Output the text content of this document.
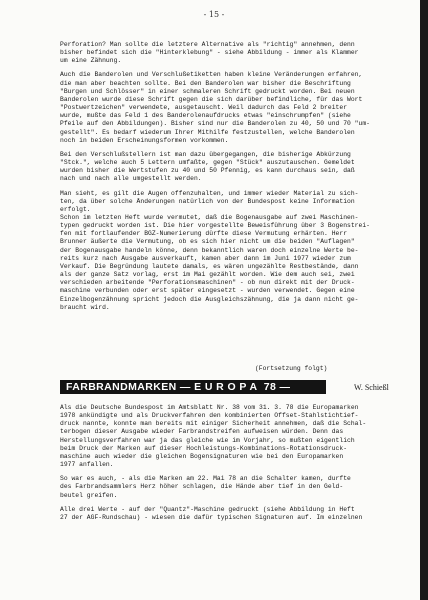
- 15 -
Perforation? Man sollte die letztere Alternative als "richtig" annehmen, denn
bisher befindet sich die "Hinterklebung" - siehe Abbildung - immer als Klammer
um eine Zähnung.
Auch die Banderolen und Verschlußetiketten haben kleine Veränderungen erfahren,
die man aber beachten sollte. Bei den Banderolen war bisher die Beschriftung
"Burgen und Schlösser" in einer schmaleren Schrift gedruckt worden. Bei neuen
Banderolen wurde diese Schrift gegen die sich darüber befindliche, für das Wort
"Postwertzeichen" verwendete, ausgetauscht. Weil dadurch das Feld 2 breiter
wurde, mußte das Feld 1 des Banderolenaufdrucks etwas "einschrumpfen" (siehe
Pfeile auf den Abbildungen). Bisher sind nur die Banderolen zu 40, 50 und 70 "um-
gestellt". Es bedarf wiederum Ihrer Mithilfe festzustellen, welche Banderolen
noch in beiden Erscheinungsformen vorkommen.
Bei den Verschlußstellern ist man dazu übergegangen, die bisherige Abkürzung
"Stck.", welche auch 5 Lettern umfaßte, gegen "Stück" auszutauschen. Gemeldet
wurden bisher die Wertstufen zu 40 und 50 Pfennig, es kann durchaus sein, daß
nach und nach alle umgestellt werden.
Man sieht, es gilt die Augen offenzuhalten, und immer wieder Material zu sich-
ten, da über solche Änderungen natürlich von der Bundespost keine Information
erfolgt.
Schon im letzten Heft wurde vermutet, daß die Bogenausgabe auf zwei Maschinen-
typen gedruckt worden ist. Die hier vorgestellte Beweisführung über 3 Bogenstrei-
fen mit fortlaufender BGZ-Numerierung dürfte diese Vermutung erhärten. Herr
Brunner äußerte die Vermutung, ob es sich hier nicht um die beiden "Auflagen"
der Bogenausgabe handeln könne, denn bekanntlich waren doch einzelne Werte be-
reits kurz nach Ausgabe ausverkauft, kamen aber dann im Juni 1977 wieder zum
Verkauf. Die Begründung lautete damals, es wären ungezählte Restbestände, dann
als der ganze Satz vorlag, erst im Mai gezählt worden. Wie dem auch sei, zwei
verschieden arbeitende "Perforationsmaschinen" - ob nun direkt mit der Druck-
maschine verbunden oder erst später eingesetzt - wurden verwendet. Gegen eine
Einzelbogenzähnung spricht jedoch die Ausgleichszähnung, die ja dann nicht ge-
braucht wird.
(Fortsetzung folgt)
FARBRANDMARKEN — E U R O P A  78 —	W. Schießl
Als die Deutsche Bundespost im Amtsblatt Nr. 38 vom 31. 3. 78 die Europamarken
1978 ankündigte und als Druckverfahren den kombinierten Offset-Stahlstichtief-
druck nannte, konnte man bereits mit einiger Sicherheit annehmen, daß die Schal-
terbogen dieser Ausgabe wieder Farbrandstreifen aufweisen würden. Denn das
Herstellungsverfahren war ja das gleiche wie im Vorjahr, so mußten eigentlich
beim Druck der Marken auf dieser Hochleistungs-Kombinations-Rotationsdruck-
maschine auch wieder die gleichen Bogensignaturen wie bei den Europamarken
1977 anfallen.
So war es auch, - als die Marken am 22. Mai 78 an die Schalter kamen, durfte
des Farbrandsammlers Herz höher schlagen, die Hände aber tief in den Geld-
beutel greifen.
Alle drei Werte - auf der "Quantz"-Maschine gedruckt (siehe Abbildung in Heft
27 der AGF-Rundschau) - wiesen die dafür typischen Signaturen auf. Im einzelnen
